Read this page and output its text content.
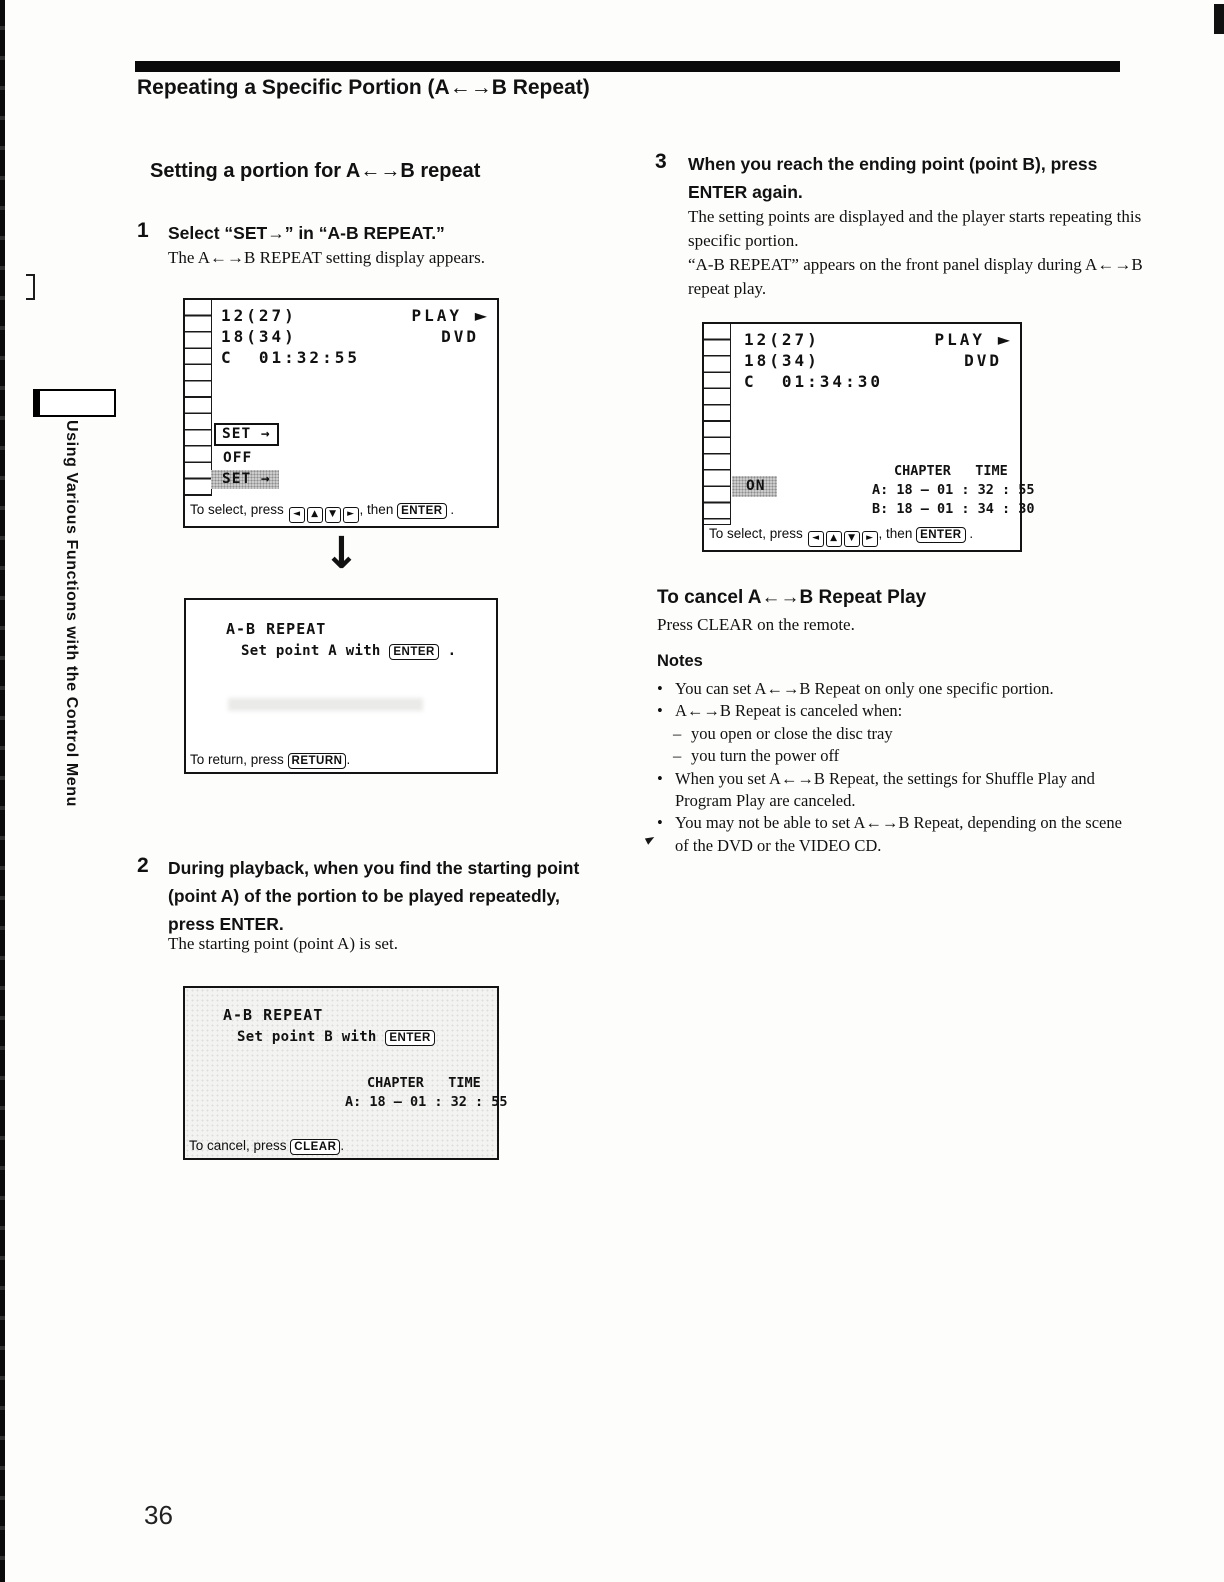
Repeating a Specific Portion (A←→B Repeat)
Using Various Functions with the Control Menu
Setting a portion for A←→B repeat
1 Select “SET→” in “A-B REPEAT.”
The A←→B REPEAT setting display appears.
12(27)	PLAY ►
18(34)	DVD
C  01:32:55
SET →
OFF
SET →
To select, press ◄ ▲ ▼ ► , then ENTER .
↓
A-B REPEAT
Set point A with ENTER .
To return, press RETURN .
2 During playback, when you find the starting point (point A) of the portion to be played repeatedly, press ENTER.
The starting point (point A) is set.
A-B REPEAT
Set point B with ENTER
CHAPTER   TIME
A: 18 – 01 : 32 : 55
To cancel, press CLEAR .
3 When you reach the ending point (point B), press ENTER again.
The setting points are displayed and the player starts repeating this specific portion.
“A-B REPEAT” appears on the front panel display during A←→B repeat play.
12(27)	PLAY ►
18(34)	DVD
C  01:34:30
ON
CHAPTER   TIME
A: 18 – 01 : 32 : 55
B: 18 – 01 : 34 : 30
To select, press ◄ ▲ ▼ ► , then ENTER .
To cancel A←→B Repeat Play
Press CLEAR on the remote.
Notes
• You can set A←→B Repeat on only one specific portion.
• A←→B Repeat is canceled when:
– you open or close the disc tray
– you turn the power off
• When you set A←→B Repeat, the settings for Shuffle Play and Program Play are canceled.
• You may not be able to set A←→B Repeat, depending on the scene of the DVD or the VIDEO CD.
36
